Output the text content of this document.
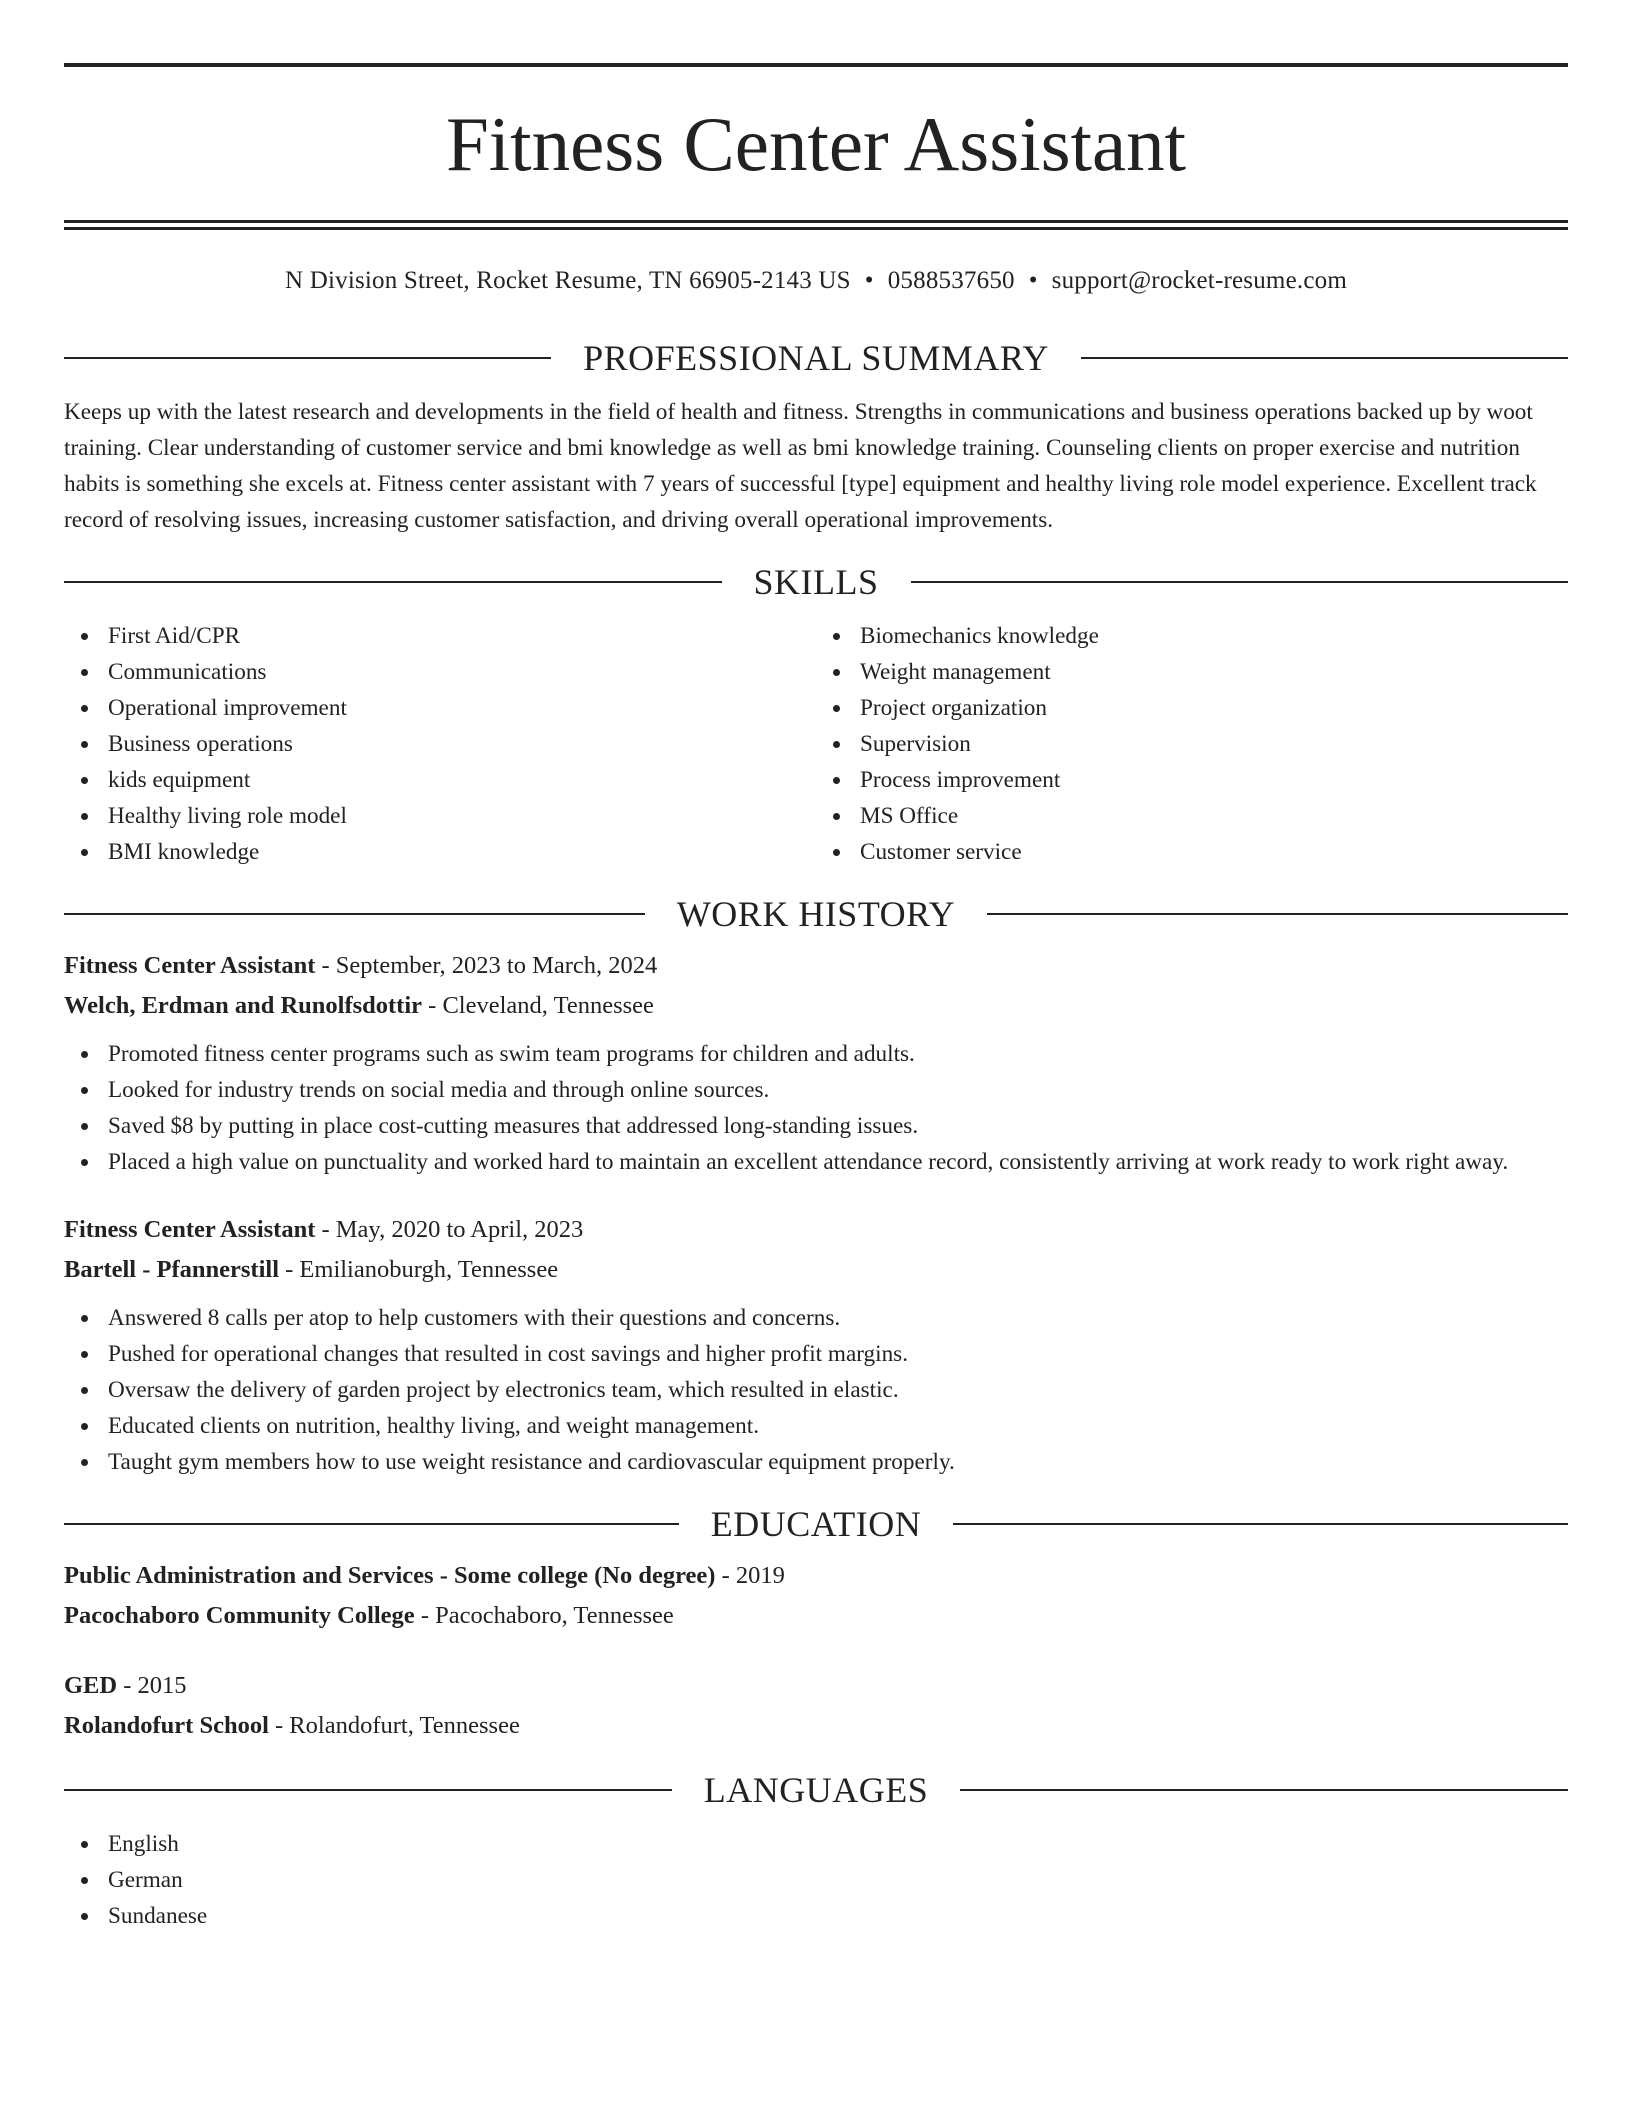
Fitness Center Assistant
N Division Street, Rocket Resume, TN 66905-2143 US • 0588537650 • support@rocket-resume.com
PROFESSIONAL SUMMARY

Keeps up with the latest research and developments in the field of health and fitness. Strengths in communications and business operations backed up by woot training. Clear understanding of customer service and bmi knowledge as well as bmi knowledge training. Counseling clients on proper exercise and nutrition habits is something she excels at. Fitness center assistant with 7 years of successful [type] equipment and healthy living role model experience. Excellent track record of resolving issues, increasing customer satisfaction, and driving overall operational improvements.

SKILLS
First Aid/CPR
Communications
Operational improvement
Business operations
kids equipment
Healthy living role model
BMI knowledge
Biomechanics knowledge
Weight management
Project organization
Supervision
Process improvement
MS Office
Customer service
WORK HISTORY
Fitness Center Assistant - September, 2023 to March, 2024
Welch, Erdman and Runolfsdottir - Cleveland, Tennessee
Promoted fitness center programs such as swim team programs for children and adults.
Looked for industry trends on social media and through online sources.
Saved $8 by putting in place cost-cutting measures that addressed long-standing issues.
Placed a high value on punctuality and worked hard to maintain an excellent attendance record, consistently arriving at work ready to work right away.
Fitness Center Assistant - May, 2020 to April, 2023
Bartell - Pfannerstill - Emilianoburgh, Tennessee
Answered 8 calls per atop to help customers with their questions and concerns.
Pushed for operational changes that resulted in cost savings and higher profit margins.
Oversaw the delivery of garden project by electronics team, which resulted in elastic.
Educated clients on nutrition, healthy living, and weight management.
Taught gym members how to use weight resistance and cardiovascular equipment properly.
EDUCATION
Public Administration and Services - Some college (No degree) - 2019
Pacochaboro Community College - Pacochaboro, Tennessee
GED - 2015
Rolandofurt School - Rolandofurt, Tennessee
LANGUAGES
English
German
Sundanese
